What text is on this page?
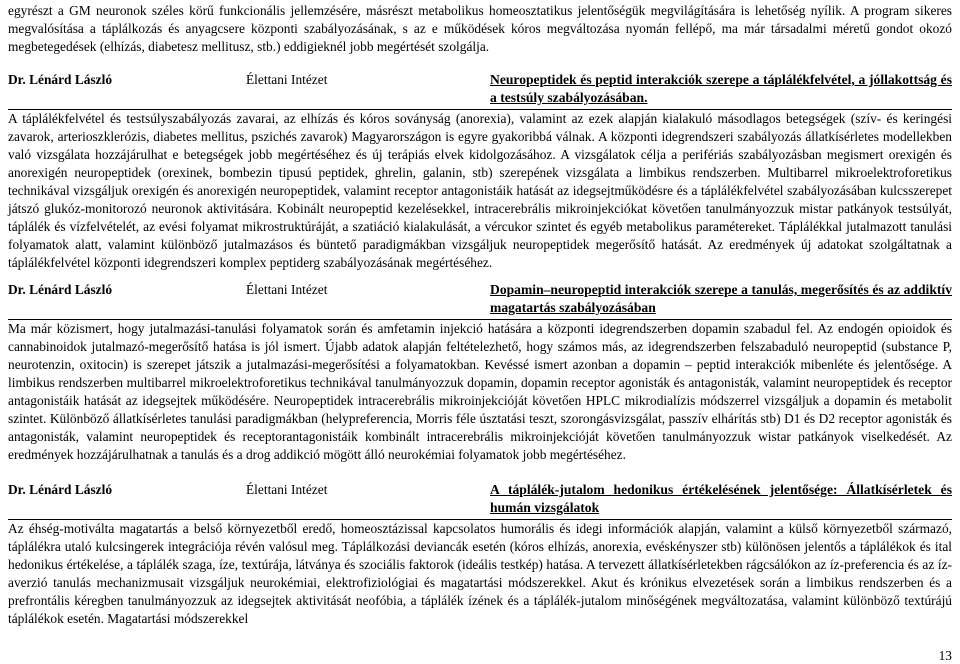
egyrészt a GM neuronok széles körű funkcionális jellemzésére, másrészt metabolikus homeosztatikus jelentőségük megvilágítására is lehetőség nyílik. A program sikeres megvalósítása a táplálkozás és anyagcsere központi szabályozásának, s az e működések kóros megváltozása nyomán fellépő, ma már társadalmi méretű gondot okozó megbetegedések (elhízás, diabetesz mellitusz, stb.) eddigieknél jobb megértését szolgálja.
Dr. Lénárd László	Élettani Intézet	Neuropeptidek és peptid interakciók szerepe a táplálékfelvétel, a jóllakottság és a testsúly szabályozásában.
A táplálékfelvétel és testsúlyszabályozás zavarai, az elhízás és kóros soványság (anorexia), valamint az ezek alapján kialakuló másodlagos betegségek (szív- és keringési zavarok, arterioszklerózis, diabetes mellitus, pszichés zavarok) Magyarországon is egyre gyakoribbá válnak. A központi idegrendszeri szabályozás állatkísérletes modellekben való vizsgálata hozzájárulhat e betegségek jobb megértéséhez és új terápiás elvek kidolgozásához. A vizsgálatok célja a perifériás szabályozásban megismert orexigén és anorexigén neuropeptidek (orexinek, bombezin tipusú peptidek, ghrelin, galanin, stb) szerepének vizsgálata a limbikus rendszerben. Multibarrel mikroelektroforetikus technikával vizsgáljuk orexigén és anorexigén neuropeptidek, valamint receptor antagonistáik hatását az idegsejtműködésre és a táplálékfelvétel szabályozásában kulcsszerepet játszó glukóz-monitorozó neuronok aktivitására. Kobinált neuropeptid kezelésekkel, intracerebrális mikroinjekciókat követően tanulmányozzuk mistar patkányok testsúlyát, táplálék és vízfelvételét, az evési folyamat mikrostruktúráját, a szatiáció kialakulását, a vércukor szintet és egyéb metabolikus paramétereket. Táplálékkal jutalmazott tanulási folyamatok alatt, valamint különböző jutalmazásos és büntető paradigmákban vizsgáljuk neuropeptidek megerősítő hatását. Az eredmények új adatokat szolgáltatnak a táplálékfelvétel központi idegrendszeri komplex peptiderg szabályozásának megértéséhez.
Dr. Lénárd László	Élettani Intézet	Dopamin–neuropeptid interakciók szerepe a tanulás, megerősítés és az addiktív magatartás szabályozásában
Ma már közismert, hogy jutalmazási-tanulási folyamatok során és amfetamin injekció hatására a központi idegrendszerben dopamin szabadul fel. Az endogén opioidok és cannabinoidok jutalmazó-megerősítő hatása is jól ismert. Újabb adatok alapján feltételezhető, hogy számos más, az idegrendszerben felszabaduló neuropeptid (substance P, neurotenzin, oxitocin) is szerepet játszik a jutalmazási-megerősítési a folyamatokban. Kevéssé ismert azonban a dopamin – peptid interakciók mibenléte és jelentősége. A limbikus rendszerben multibarrel mikroelektroforetikus technikával tanulmányozzuk dopamin, dopamin receptor agonisták és antagonisták, valamint neuropeptidek és receptor antagonistáik hatását az idegsejtek működésére. Neuropeptidek intracerebrális mikroinjekcióját követően HPLC mikrodialízis módszerrel vizsgáljuk a dopamin és metabolit szintet. Különböző állatkísérletes tanulási paradigmákban (helypreferencia, Morris féle úsztatási teszt, szorongásvizsgálat, passzív elhárítás stb) D1 és D2 receptor agonisták és antagonisták, valamint neuropeptidek és receptorantagonistáik kombinált intracerebrális mikroinjekcióját követően tanulmányozzuk wistar patkányok viselkedését. Az eredmények hozzájárulhatnak a tanulás és a drog addikció mögött álló neurokémiai folyamatok jobb megértéséhez.
Dr. Lénárd László	Élettani Intézet	A táplálék-jutalom hedonikus értékelésének jelentősége: Állatkísérletek és humán vizsgálatok
Az éhség-motiválta magatartás a belső környezetből eredő, homeosztázissal kapcsolatos humorális és idegi információk alapján, valamint a külső környezetből származó, táplálékra utaló kulcsingerek integrációja révén valósul meg. Táplálkozási deviancák esetén (kóros elhízás, anorexia, evéskényszer stb) különösen jelentős a táplálékok és ital hedonikus értékelése, a táplálék szaga, íze, textúrája, látványa és szociális faktorok (ideális testkép) hatása. A tervezett állatkísérletekben rágcsálókon az íz-preferencia és az íz-averzió tanulás mechanizmusait vizsgáljuk neurokémiai, elektrofiziológiai és magatartási módszerekkel. Akut és krónikus elvezetések során a limbikus rendszerben és a prefrontális kéregben tanulmányozzuk az idegsejtek aktivitását neofóbia, a táplálék ízének és a táplálék-jutalom minőségének megváltozatása, valamint különböző textúrájú táplálékok esetén. Magatartási módszerekkel
13
